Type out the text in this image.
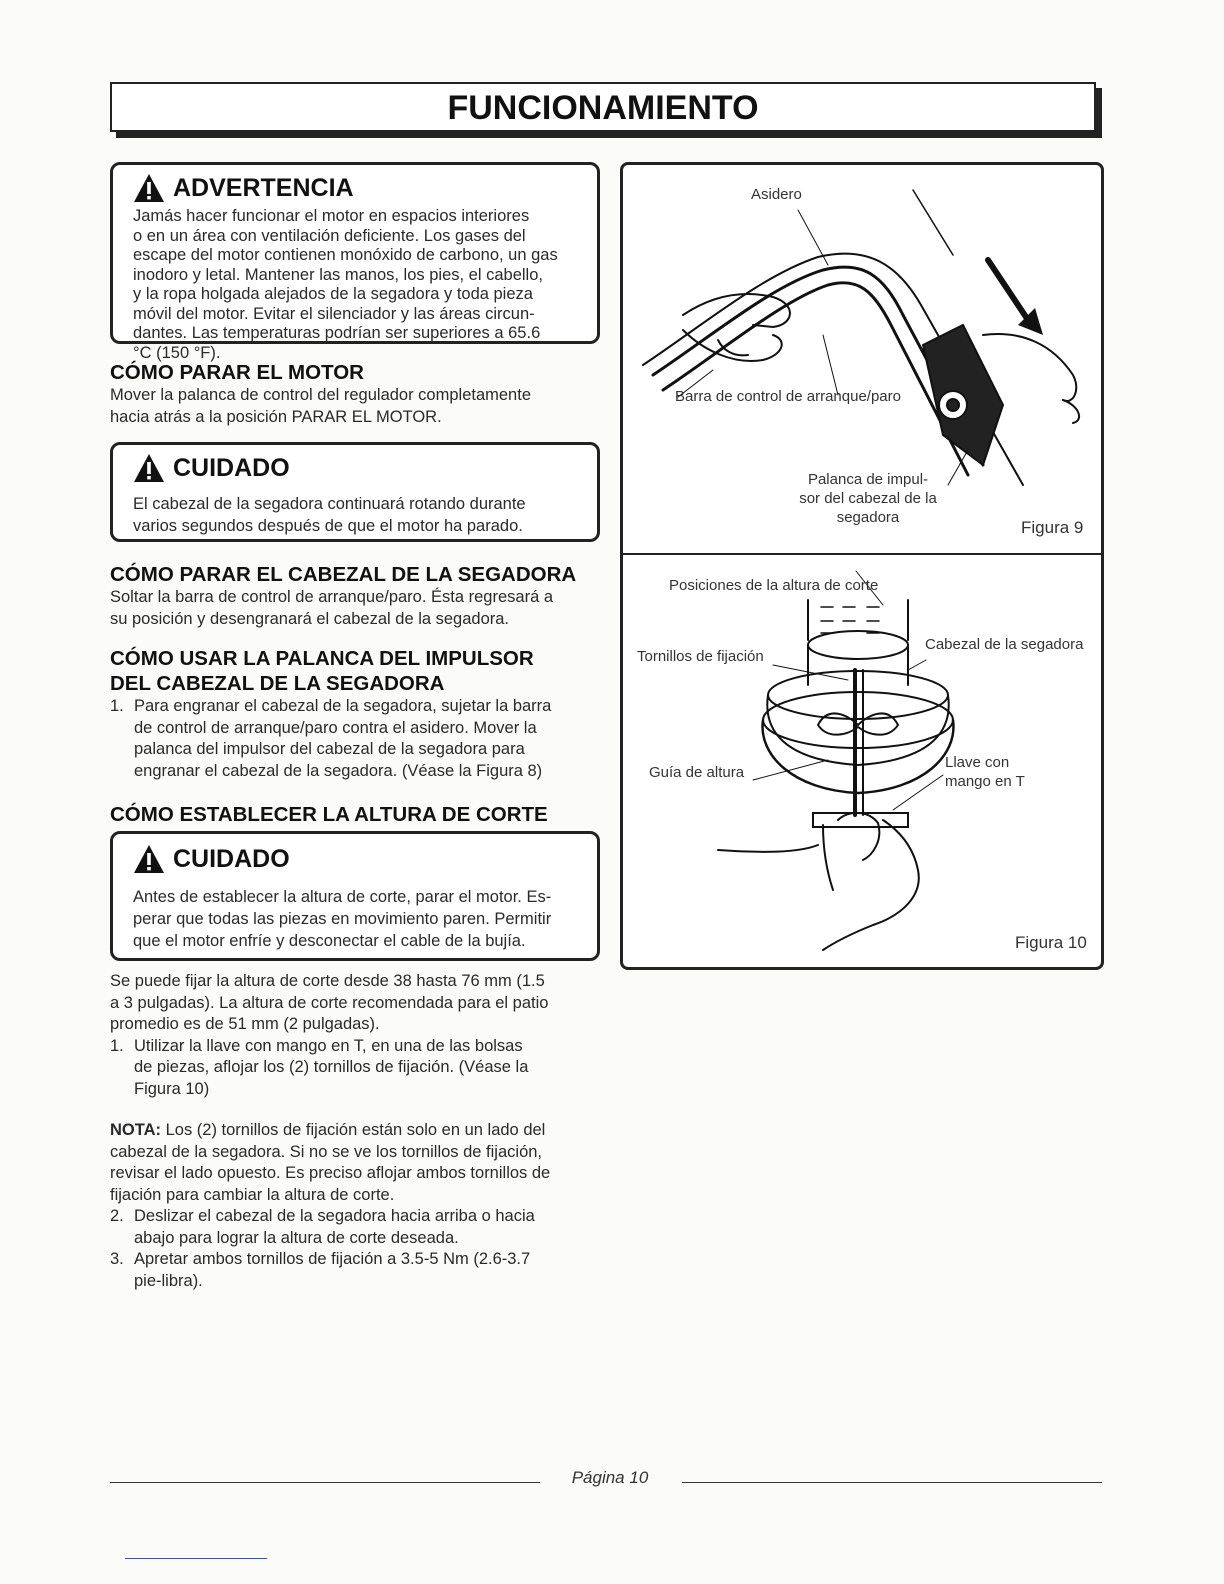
FUNCIONAMIENTO
ADVERTENCIA

Jamás hacer funcionar el motor en espacios interiores
o en un área con ventilación deficiente. Los gases del
escape del motor contienen monóxido de carbono, un gas
inodoro y letal. Mantener las manos, los pies, el cabello,
y la ropa holgada alejados de la segadora y toda pieza
móvil del motor. Evitar el silenciador y las áreas circun-
dantes. Las temperaturas podrían ser superiores a 65.6
°C (150 °F).

CÓMO PARAR EL MOTOR

Mover la palanca de control del regulador completamente
hacia atrás a la posición PARAR EL MOTOR.

CUIDADO

El cabezal de la segadora continuará rotando durante
varios segundos después de que el motor ha parado.

CÓMO PARAR EL CABEZAL DE LA SEGADORA

Soltar la barra de control de arranque/paro. Ésta regresará a
su posición y desengranará el cabezal de la segadora.

CÓMO USAR LA PALANCA DEL IMPULSOR
DEL CABEZAL DE LA SEGADORA
1. Para engranar el cabezal de la segadora, sujetar la barra
de control de arranque/paro contra el asidero. Mover la
palanca del impulsor del cabezal de la segadora para
engranar el cabezal de la segadora. (Véase la Figura 8)
CÓMO ESTABLECER LA ALTURA DE CORTE
CUIDADO

Antes de establecer la altura de corte, parar el motor. Es-
perar que todas las piezas en movimiento paren. Permitir
que el motor enfríe y desconectar el cable de la bujía.

Se puede fijar la altura de corte desde 38 hasta 76 mm (1.5
a 3 pulgadas). La altura de corte recomendada para el patio
promedio es de 51 mm (2 pulgadas).

1. Utilizar la llave con mango en T, en una de las bolsas
de piezas, aflojar los (2) tornillos de fijación. (Véase la
Figura 10)

NOTA: Los (2) tornillos de fijación están solo en un lado del
cabezal de la segadora. Si no se ve los tornillos de fijación,
revisar el lado opuesto. Es preciso aflojar ambos tornillos de
fijación para cambiar la altura de corte.

2. Deslizar el cabezal de la segadora hacia arriba o hacia
abajo para lograr la altura de corte deseada.
3. Apretar ambos tornillos de fijación a 3.5-5 Nm (2.6-3.7
pie-libra).
Asidero
Barra de control de arranque/paro
Palanca de impul-
sor del cabezal de la
segadora
Figura 9
Posiciones de la altura de corte
Tornillos de fijación
Cabezal de la segadora
Guía de altura
Llave con
mango en T
Figura 10
Página 10
